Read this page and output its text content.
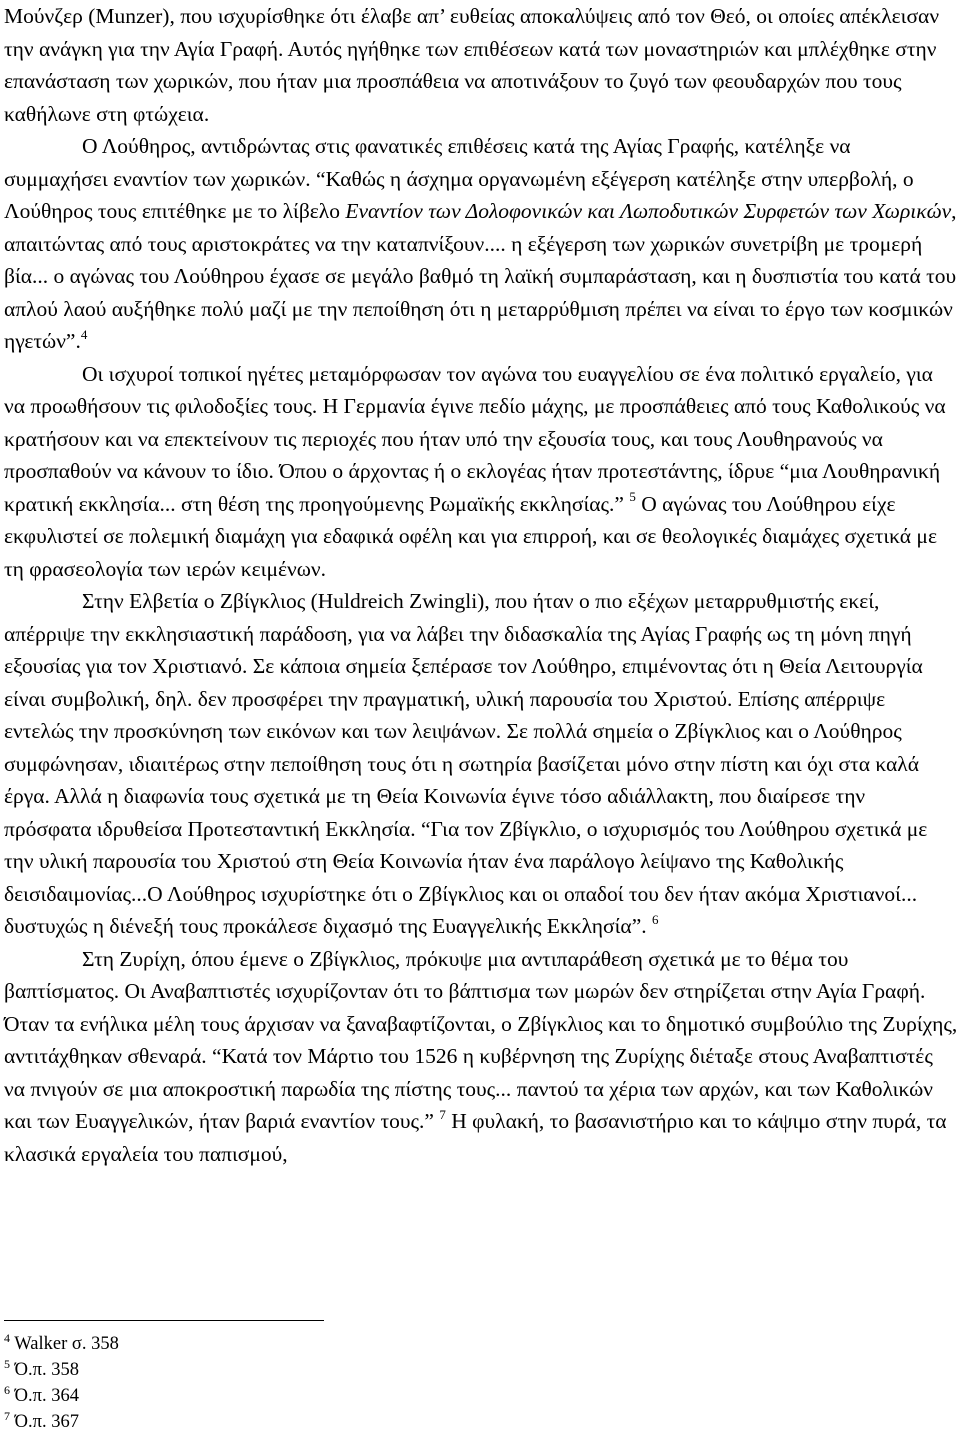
Μούνζερ (Munzer), που ισχυρίσθηκε ότι έλαβε απ’ ευθείας αποκαλύψεις από τον Θεό, οι οποίες απέκλεισαν την ανάγκη για την Αγία Γραφή. Αυτός ηγήθηκε των επιθέσεων κατά των μοναστηριών και μπλέχθηκε στην επανάσταση των χωρικών, που ήταν μια προσπάθεια να αποτινάξουν το ζυγό των φεουδαρχών που τους καθήλωνε στη φτώχεια.

Ο Λούθηρος, αντιδρώντας στις φανατικές επιθέσεις κατά της Αγίας Γραφής, κατέληξε να συμμαχήσει εναντίον των χωρικών. “Καθώς η άσχημα οργανωμένη εξέγερση κατέληξε στην υπερβολή, ο Λούθηρος τους επιτέθηκε με το λίβελο Εναντίον των Δολοφονικών και Λωποδυτικών Συρφετών των Χωρικών, απαιτώντας από τους αριστοκράτες να την καταπνίξουν.... η εξέγερση των χωρικών συνετρίβη με τρομερή βία... ο αγώνας του Λούθηρου έχασε σε μεγάλο βαθμό τη λαϊκή συμπαράσταση, και η δυσπιστία του κατά του απλού λαού αυξήθηκε πολύ μαζί με την πεποίθηση ότι η μεταρρύθμιση πρέπει να είναι το έργο των κοσμικών ηγετών”.$^4$

Οι ισχυροί τοπικοί ηγέτες μεταμόρφωσαν τον αγώνα του ευαγγελίου σε ένα πολιτικό εργαλείο, για να προωθήσουν τις φιλοδοξίες τους. Η Γερμανία έγινε πεδίο μάχης, με προσπάθειες από τους Καθολικούς να κρατήσουν και να επεκτείνουν τις περιοχές που ήταν υπό την εξουσία τους, και τους Λουθηρανούς να προσπαθούν να κάνουν το ίδιο. Όπου ο άρχοντας ή ο εκλογέας ήταν προτεστάντης, ίδρυε “μια Λουθηρανική κρατική εκκλησία... στη θέση της προηγούμενης Ρωμαϊκής εκκλησίας.” $^5$ Ο αγώνας του Λούθηρου είχε εκφυλιστεί σε πολεμική διαμάχη για εδαφικά οφέλη και για επιρροή, και σε θεολογικές διαμάχες σχετικά με τη φρασεολογία των ιερών κειμένων.

Στην Ελβετία ο Ζβίγκλιος (Huldreich Zwingli), που ήταν ο πιο εξέχων μεταρρυθμιστής εκεί, απέρριψε την εκκλησιαστική παράδοση, για να λάβει την διδασκαλία της Αγίας Γραφής ως τη μόνη πηγή εξουσίας για τον Χριστιανό. Σε κάποια σημεία ξεπέρασε τον Λούθηρο, επιμένοντας ότι η Θεία Λειτουργία είναι συμβολική, δηλ. δεν προσφέρει την πραγματική, υλική παρουσία του Χριστού. Επίσης απέρριψε εντελώς την προσκύνηση των εικόνων και των λειψάνων. Σε πολλά σημεία ο Ζβίγκλιος και ο Λούθηρος συμφώνησαν, ιδιαιτέρως στην πεποίθηση τους ότι η σωτηρία βασίζεται μόνο στην πίστη και όχι στα καλά έργα. Αλλά η διαφωνία τους σχετικά με τη Θεία Κοινωνία έγινε τόσο αδιάλλακτη, που διαίρεσε την πρόσφατα ιδρυθείσα Προτεσταντική Εκκλησία. “Για τον Ζβίγκλιο, ο ισχυρισμός του Λούθηρου σχετικά με την υλική παρουσία του Χριστού στη Θεία Κοινωνία ήταν ένα παράλογο λείψανο της Καθολικής δεισιδαιμονίας...Ο Λούθηρος ισχυρίστηκε ότι ο Ζβίγκλιος και οι οπαδοί του δεν ήταν ακόμα Χριστιανοί... δυστυχώς η διένεξή τους προκάλεσε διχασμό της Ευαγγελικής Εκκλησία”. $^6$

Στη Ζυρίχη, όπου έμενε ο Ζβίγκλιος, πρόκυψε μια αντιπαράθεση σχετικά με το θέμα του βαπτίσματος. Οι Αναβαπτιστές ισχυρίζονταν ότι το βάπτισμα των μωρών δεν στηρίζεται στην Αγία Γραφή. Όταν τα ενήλικα μέλη τους άρχισαν να ξαναβαφτίζονται, ο Ζβίγκλιος και το δημοτικό συμβούλιο της Ζυρίχης, αντιτάχθηκαν σθεναρά. “Κατά τον Μάρτιο του 1526 η κυβέρνηση της Ζυρίχης διέταξε στους Αναβαπτιστές να πνιγούν σε μια αποκροστική παρωδία της πίστης τους... παντού τα χέρια των αρχών, και των Καθολικών και των Ευαγγελικών, ήταν βαριά εναντίον τους.” $^7$ Η φυλακή, το βασανιστήριο και το κάψιμο στην πυρά, τα κλασικά εργαλεία του παπισμού,

$^4$ Walker σ. 358
$^5$ Ό.π. 358
$^6$ Ό.π. 364
$^7$ Ό.π. 367
